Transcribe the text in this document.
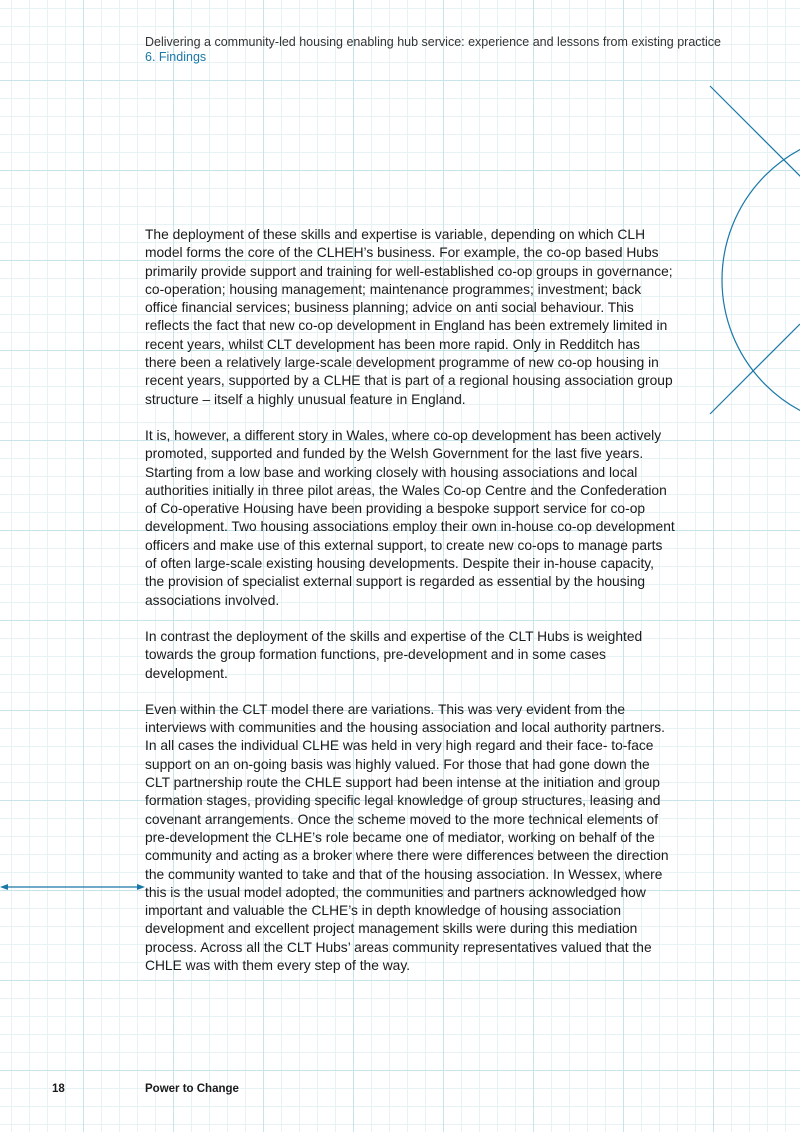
Delivering a community-led housing enabling hub service: experience and lessons from existing practice
6. Findings

The deployment of these skills and expertise is variable, depending on which CLH model forms the core of the CLHEH’s business. For example, the co-op based Hubs primarily provide support and training for well-established co-op groups in governance; co-operation; housing management; maintenance programmes; investment; back office financial services; business planning; advice on anti social behaviour. This reflects the fact that new co-op development in England has been extremely limited in recent years, whilst CLT development has been more rapid. Only in Redditch has there been a relatively large-scale development programme of new co-op housing in recent years, supported by a CLHE that is part of a regional housing association group structure – itself a highly unusual feature in England.

It is, however, a different story in Wales, where co-op development has been actively promoted, supported and funded by the Welsh Government for the last five years. Starting from a low base and working closely with housing associations and local authorities initially in three pilot areas, the Wales Co-op Centre and the Confederation of Co-operative Housing have been providing a bespoke support service for co-op development. Two housing associations employ their own in-house co-op development officers and make use of this external support, to create new co-ops to manage parts of often large-scale existing housing developments. Despite their in-house capacity, the provision of specialist external support is regarded as essential by the housing associations involved.

In contrast the deployment of the skills and expertise of the CLT Hubs is weighted towards the group formation functions, pre-development and in some cases development.

Even within the CLT model there are variations. This was very evident from the interviews with communities and the housing association and local authority partners. In all cases the individual CLHE was held in very high regard and their face- to-face support on an on-going basis was highly valued. For those that had gone down the CLT partnership route the CHLE support had been intense at the initiation and group formation stages, providing specific legal knowledge of group structures, leasing and covenant arrangements. Once the scheme moved to the more technical elements of pre-development the CLHE’s role became one of mediator, working on behalf of the community and acting as a broker where there were differences between the direction the community wanted to take and that of the housing association. In Wessex, where this is the usual model adopted, the communities and partners acknowledged how important and valuable the CLHE’s in depth knowledge of housing association development and excellent project management skills were during this mediation process. Across all the CLT Hubs’ areas community representatives valued that the CHLE was with them every step of the way.

18	Power to Change
